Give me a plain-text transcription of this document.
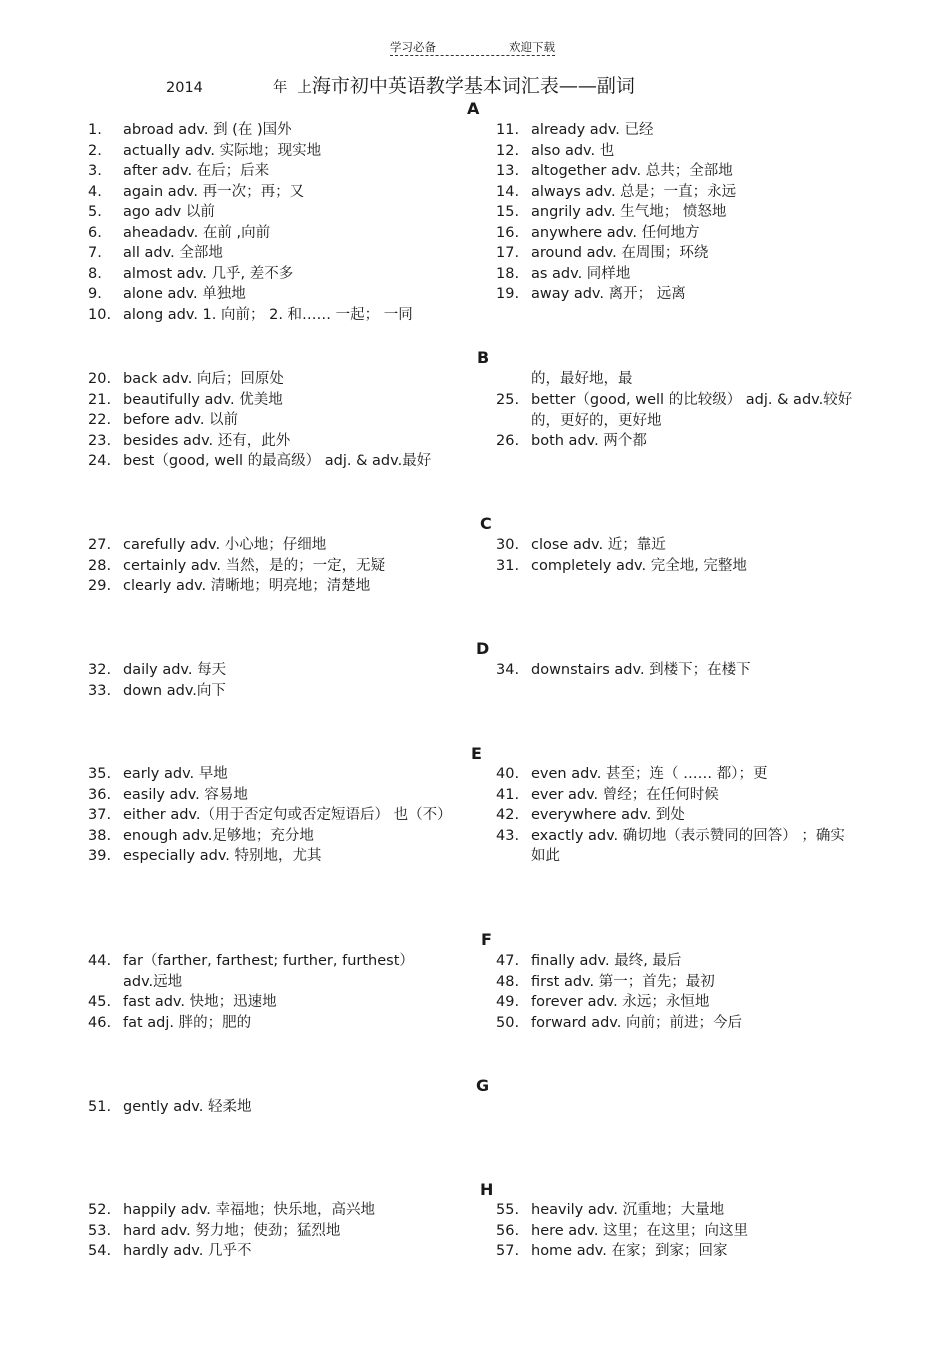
学习必备	欢迎下载
2014	年 上海市初中英语教学基本词汇表——副词
A
1.	abroad adv. 到 (在 )国外
2.	actually adv. 实际地；现实地
3.	after adv. 在后；后来
4.	again adv. 再一次；再；又
5.	ago adv 以前
6.	aheadadv. 在前 ,向前
7.	all adv. 全部地
8.	almost adv. 几乎, 差不多
9.	alone adv. 单独地
10. along adv. 1. 向前； 2. 和…… 一起； 一同
11. already adv. 已经
12. also adv. 也
13. altogether adv. 总共；全部地
14. always adv. 总是；一直；永远
15. angrily adv. 生气地； 愤怒地
16. anywhere adv. 任何地方
17. around adv. 在周围；环绕
18. as adv. 同样地
19. away adv. 离开； 远离
B
20. back adv. 向后；回原处
21. beautifully adv. 优美地
22. before adv. 以前
23. besides adv. 还有，此外
24. best（good, well 的最高级） adj. & adv.最好
的，最好地，最
25. better（good, well 的比较级） adj. & adv.较好的，更好的，更好地
26. both adv. 两个都
C
27. carefully adv. 小心地；仔细地
28. certainly adv. 当然，是的；一定，无疑
29. clearly adv. 清晰地；明亮地；清楚地
30. close adv. 近；靠近
31. completely adv. 完全地, 完整地
D
32. daily adv. 每天
33. down adv.向下
34. downstairs adv. 到楼下；在楼下
E
35. early adv. 早地
36. easily adv. 容易地
37. either adv.（用于否定句或否定短语后） 也（不）
38. enough adv.足够地；充分地
39. especially adv. 特别地，尤其
40. even adv. 甚至；连（ …… 都）；更
41. ever adv. 曾经；在任何时候
42. everywhere adv. 到处
43. exactly adv. 确切地（表示赞同的回答） ；确实如此
F
44. far（farther, farthest; further, furthest） adv.远地
45. fast adv. 快地；迅速地
46. fat adj. 胖的；肥的
47. finally adv. 最终, 最后
48. first adv. 第一；首先；最初
49. forever adv. 永远；永恒地
50. forward adv. 向前；前进；今后
G
51. gently adv. 轻柔地
H
52. happily adv. 幸福地；快乐地，高兴地
53. hard adv. 努力地；使劲；猛烈地
54. hardly adv. 几乎不
55. heavily adv. 沉重地；大量地
56. here adv. 这里；在这里；向这里
57. home adv. 在家；到家；回家
